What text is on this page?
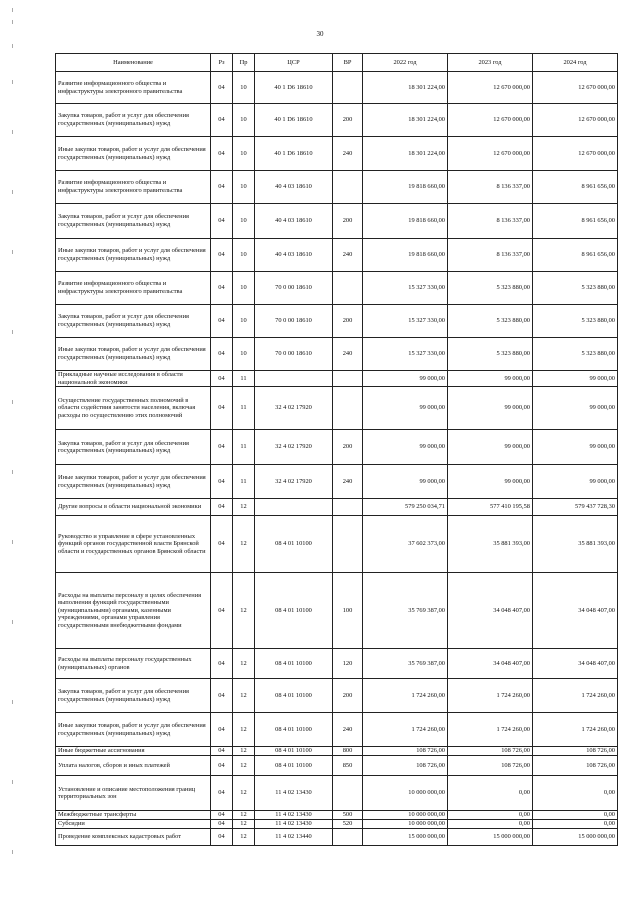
30
Наименование	Рз	Пр	ЦСР	ВР	2022 год	2023 год	2024 год
Развитие информационного общества и инфраструктуры электронного правительства	04	10	40 1 D6 18610		18 301 224,00	12 670 000,00	12 670 000,00
Закупка товаров, работ и услуг для обеспечения государственных (муниципальных) нужд	04	10	40 1 D6 18610	200	18 301 224,00	12 670 000,00	12 670 000,00
Иные закупки товаров, работ и услуг для обеспечения государственных (муниципальных) нужд	04	10	40 1 D6 18610	240	18 301 224,00	12 670 000,00	12 670 000,00
Развитие информационного общества и инфраструктуры электронного правительства	04	10	40 4 03 18610		19 818 660,00	8 136 337,00	8 961 656,00
Закупка товаров, работ и услуг для обеспечения государственных (муниципальных) нужд	04	10	40 4 03 18610	200	19 818 660,00	8 136 337,00	8 961 656,00
Иные закупки товаров, работ и услуг для обеспечения государственных (муниципальных) нужд	04	10	40 4 03 18610	240	19 818 660,00	8 136 337,00	8 961 656,00
Развитие информационного общества и инфраструктуры электронного правительства	04	10	70 0 00 18610		15 327 330,00	5 323 880,00	5 323 880,00
Закупка товаров, работ и услуг для обеспечения государственных (муниципальных) нужд	04	10	70 0 00 18610	200	15 327 330,00	5 323 880,00	5 323 880,00
Иные закупки товаров, работ и услуг для обеспечения государственных (муниципальных) нужд	04	10	70 0 00 18610	240	15 327 330,00	5 323 880,00	5 323 880,00
Прикладные научные исследования в области национальной экономики	04	11			99 000,00	99 000,00	99 000,00
Осуществление государственных полномочий в области содействия занятости населения, включая расходы по осуществлению этих полномочий	04	11	32 4 02 17920		99 000,00	99 000,00	99 000,00
Закупка товаров, работ и услуг для обеспечения государственных (муниципальных) нужд	04	11	32 4 02 17920	200	99 000,00	99 000,00	99 000,00
Иные закупки товаров, работ и услуг для обеспечения государственных (муниципальных) нужд	04	11	32 4 02 17920	240	99 000,00	99 000,00	99 000,00
Другие вопросы в области национальной экономики	04	12			579 250 034,71	577 410 195,58	579 437 728,30
Руководство и управление в сфере установленных функций органов государственной власти Брянской области и государственных органов Брянской области	04	12	08 4 01 10100		37 602 373,00	35 881 393,00	35 881 393,00
Расходы на выплаты персоналу в целях обеспечения выполнения функций государственными (муниципальными) органами, казенными учреждениями, органами управления государственными внебюджетными фондами	04	12	08 4 01 10100	100	35 769 387,00	34 048 407,00	34 048 407,00
Расходы на выплаты персоналу государственных (муниципальных) органов	04	12	08 4 01 10100	120	35 769 387,00	34 048 407,00	34 048 407,00
Закупка товаров, работ и услуг для обеспечения государственных (муниципальных) нужд	04	12	08 4 01 10100	200	1 724 260,00	1 724 260,00	1 724 260,00
Иные закупки товаров, работ и услуг для обеспечения государственных (муниципальных) нужд	04	12	08 4 01 10100	240	1 724 260,00	1 724 260,00	1 724 260,00
Иные бюджетные ассигнования	04	12	08 4 01 10100	800	108 726,00	108 726,00	108 726,00
Уплата налогов, сборов и иных платежей	04	12	08 4 01 10100	850	108 726,00	108 726,00	108 726,00
Установление и описание местоположения границ территориальных зон	04	12	11 4 02 13430		10 000 000,00	0,00	0,00
Межбюджетные трансферты	04	12	11 4 02 13430	500	10 000 000,00	0,00	0,00
Субсидии	04	12	11 4 02 13430	520	10 000 000,00	0,00	0,00
Проведение комплексных кадастровых работ	04	12	11 4 02 13440		15 000 000,00	15 000 000,00	15 000 000,00
